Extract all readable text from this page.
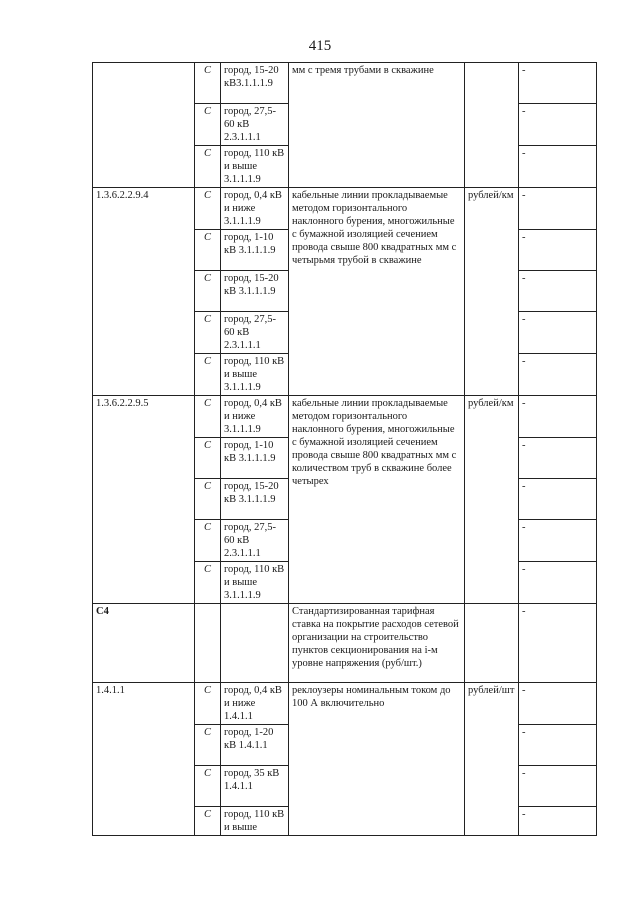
415
	С	город, 15-20 кВ3.1.1.1.9	мм с тремя трубами в скважине		-
	С	город, 27,5-60 кВ 2.3.1.1.1			-
	С	город, 110 кВ и выше 3.1.1.1.9			-
1.3.6.2.2.9.4	С	город, 0,4 кВ и ниже 3.1.1.1.9	кабельные линии прокладываемые методом горизонтального наклонного бурения, многожильные с бумажной изоляцией сечением провода свыше 800 квадратных мм с четырьмя трубой в скважине	рублей/км	-
	С	город, 1-10 кВ 3.1.1.1.9			-
	С	город, 15-20 кВ 3.1.1.1.9			-
	С	город, 27,5-60 кВ 2.3.1.1.1			-
	С	город, 110 кВ и выше 3.1.1.1.9			-
1.3.6.2.2.9.5	С	город, 0,4 кВ и ниже 3.1.1.1.9	кабельные линии прокладываемые методом горизонтального наклонного бурения, многожильные с бумажной изоляцией сечением провода свыше 800 квадратных мм с количеством труб в скважине более четырех	рублей/км	-
	С	город, 1-10 кВ 3.1.1.1.9			-
	С	город, 15-20 кВ 3.1.1.1.9			-
	С	город, 27,5-60 кВ 2.3.1.1.1			-
	С	город, 110 кВ и выше 3.1.1.1.9			-
С4			Стандартизированная тарифная ставка на покрытие расходов сетевой организации на строительство пунктов секционирования на i-м уровне напряжения (руб/шт.)		-
1.4.1.1	С	город, 0,4 кВ и ниже 1.4.1.1	реклоузеры номинальным током до 100 А включительно	рублей/шт	-
	С	город, 1-20 кВ 1.4.1.1			-
	С	город, 35 кВ 1.4.1.1			-
	С	город, 110 кВ и выше			-
